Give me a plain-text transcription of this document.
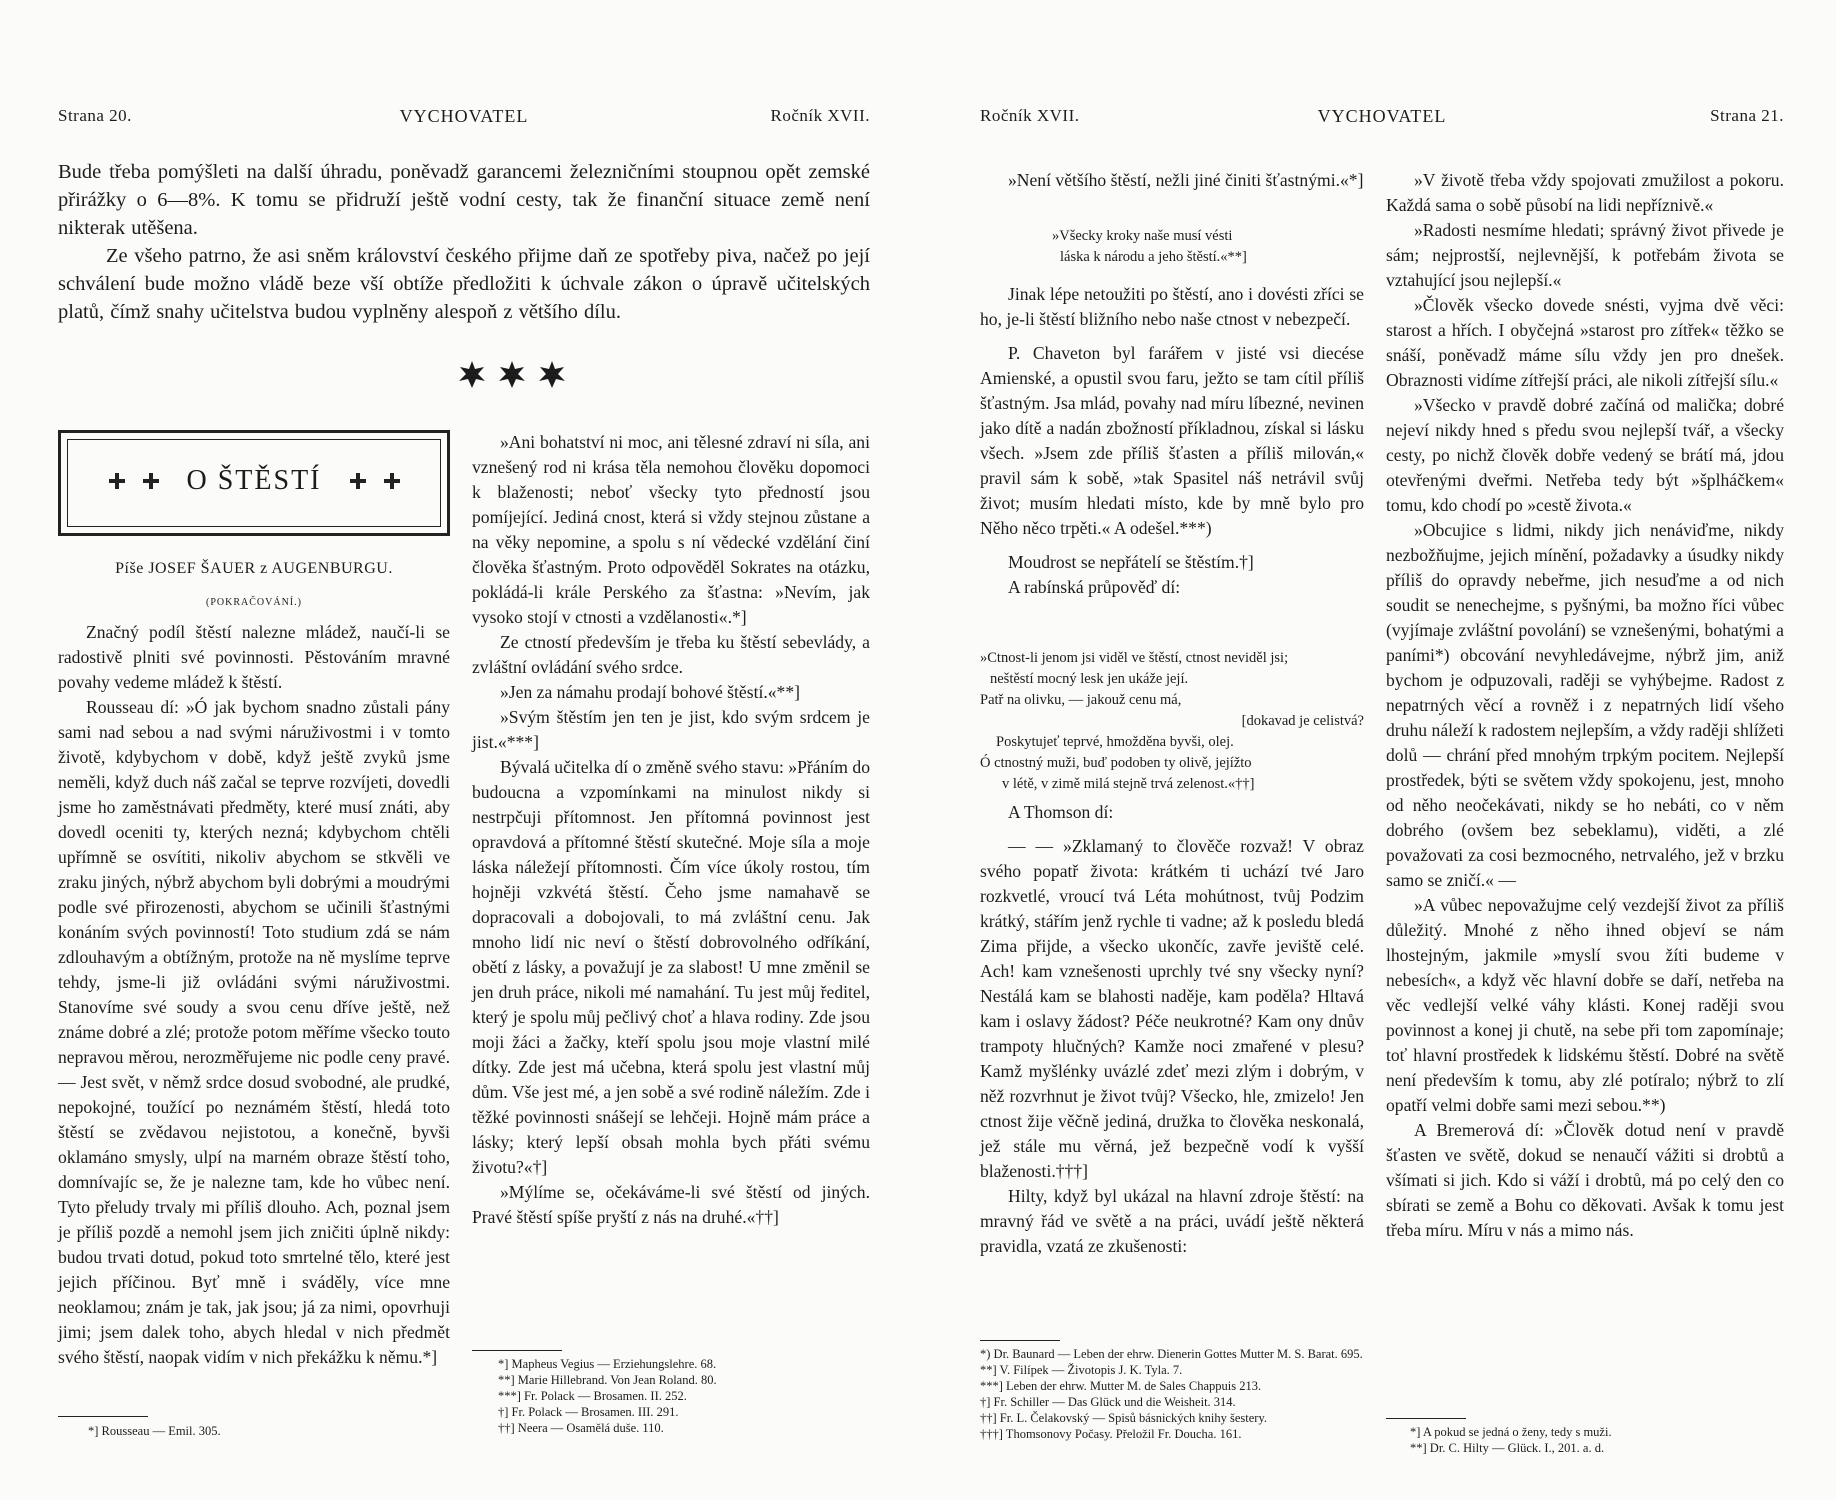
Strana 20.	VYCHOVATEL	Ročník XVII.

Bude třeba pomýšleti na další úhradu, poněvadž garancemi železničními stoupnou opět zemské přirážky o 6—8%. K tomu se přidruží ještě vodní cesty, tak že finanční situace země není nikterak utěšena.

Ze všeho patrno, že asi sněm království českého přijme daň ze spotřeby piva, načež po její schválení bude možno vládě beze vší obtíže předložiti k úchvale zákon o úpravě učitelských platů, čímž snahy učitelstva budou vyplněny alespoň z většího dílu.

O ŠTĚSTÍ
Píše JOSEF ŠAUER z AUGENBURGU.
(POKRAČOVÁNÍ.)

Značný podíl štěstí nalezne mládež, naučí-li se radostivě plniti své povinnosti. Pěstováním mravné povahy vedeme mládež k štěstí.

Rousseau dí: »Ó jak bychom snadno zůstali pány sami nad sebou a nad svými náruživostmi i v tomto životě, kdybychom v době, když ještě zvyků jsme neměli, když duch náš začal se teprve rozvíjeti, dovedli jsme ho zaměstnávati předměty, které musí znáti, aby dovedl oceniti ty, kterých nezná; kdybychom chtěli upřímně se osvítiti, nikoliv abychom se stkvěli ve zraku jiných, nýbrž abychom byli dobrými a moudrými podle své přirozenosti, abychom se učinili šťastnými konáním svých povinností! Toto studium zdá se nám zdlouhavým a obtížným, protože na ně myslíme teprve tehdy, jsme-li již ovládáni svými náruživostmi. Stanovíme své soudy a svou cenu dříve ještě, než známe dobré a zlé; protože potom měříme všecko touto nepravou měrou, nerozměřujeme nic podle ceny pravé. — Jest svět, v němž srdce dosud svobodné, ale prudké, nepokojné, toužící po neznámém štěstí, hledá toto štěstí se zvědavou nejistotou, a konečně, byvši oklamáno smysly, ulpí na marném obraze štěstí toho, domnívajíc se, že je nalezne tam, kde ho vůbec není. Tyto přeludy trvaly mi příliš dlouho. Ach, poznal jsem je příliš pozdě a nemohl jsem jich zničiti úplně nikdy: budou trvati dotud, pokud toto smrtelné tělo, které jest jejich příčinou. Byť mně i sváděly, více mne neoklamou; znám je tak, jak jsou; já za nimi, opovrhuji jimi; jsem dalek toho, abych hledal v nich předmět svého štěstí, naopak vidím v nich překážku k němu.*]

*] Rousseau — Emil. 305.

»Ani bohatství ni moc, ani tělesné zdraví ni síla, ani vznešený rod ni krása těla nemohou člověku dopomoci k blaženosti; neboť všecky tyto předností jsou pomíjející. Jediná cnost, která si vždy stejnou zůstane a na věky nepomine, a spolu s ní vědecké vzdělání činí člověka šťastným. Proto odpověděl Sokrates na otázku, pokládá-li krále Perského za šťastna: »Nevím, jak vysoko stojí v ctnosti a vzdělanosti«.*]

Ze ctností především je třeba ku štěstí sebevlády, a zvláštní ovládání svého srdce.

»Jen za námahu prodají bohové štěstí.«**]

»Svým štěstím jen ten je jist, kdo svým srdcem je jist.«***]

Bývalá učitelka dí o změně svého stavu: »Přáním do budoucna a vzpomínkami na minulost nikdy si nestrpčuji přítomnost. Jen přítomná povinnost jest opravdová a přítomné štěstí skutečné. Moje síla a moje láska náležejí přítomnosti. Čím více úkoly rostou, tím hojněji vzkvétá štěstí. Čeho jsme namahavě se dopracovali a dobojovali, to má zvláštní cenu. Jak mnoho lidí nic neví o štěstí dobrovolného odříkání, obětí z lásky, a považují je za slabost! U mne změnil se jen druh práce, nikoli mé namahání. Tu jest můj ředitel, který je spolu můj pečlivý choť a hlava rodiny. Zde jsou moji žáci a žačky, kteří spolu jsou moje vlastní milé dítky. Zde jest má učebna, která spolu jest vlastní můj dům. Vše jest mé, a jen sobě a své rodině náležím. Zde i těžké povinnosti snášejí se lehčeji. Hojně mám práce a lásky; který lepší obsah mohla bych přáti svému životu?«†]

»Mýlíme se, očekáváme-li své štěstí od jiných. Pravé štěstí spíše pryští z nás na druhé.«††]

*] Mapheus Vegius — Erziehungslehre. 68.

**] Marie Hillebrand. Von Jean Roland. 80.

***] Fr. Polack — Brosamen. II. 252.

†] Fr. Polack — Brosamen. III. 291.

††] Neera — Osamělá duše. 110.

Ročník XVII.	VYCHOVATEL	Strana 21.

»Není většího štěstí, nežli jiné činiti šťastnými.«*]

»Všecky kroky naše musí vésti

láska k národu a jeho štěstí.«**]

Jinak lépe netoužiti po štěstí, ano i dovésti zříci se ho, je-li štěstí bližního nebo naše ctnost v nebezpečí.

P. Chaveton byl farářem v jisté vsi diecése Amienské, a opustil svou faru, ježto se tam cítil příliš šťastným. Jsa mlád, povahy nad míru líbezné, nevinen jako dítě a nadán zbožností příkladnou, získal si lásku všech. »Jsem zde příliš šťasten a příliš milován,« pravil sám k sobě, »tak Spasitel náš netrávil svůj život; musím hledati místo, kde by mně bylo pro Něho něco trpěti.« A odešel.***)

Moudrost se nepřátelí se štěstím.†]

A rabínská průpověď dí:

»Ctnost-li jenom jsi viděl ve štěstí, ctnost neviděl jsi;

neštěstí mocný lesk jen ukáže její.

Patř na olivku, — jakouž cenu má,

[dokavad je celistvá?

Poskytujeť teprvé, hmožděna byvši, olej.

Ó ctnostný muži, buď podoben ty olivě, jejížto

v létě, v zimě milá stejně trvá zelenost.«††]

A Thomson dí:

— — »Zklamaný to člověče rozvaž! V obraz svého popatř života: krátkém ti uchází tvé Jaro rozkvetlé, vroucí tvá Léta mohútnost, tvůj Podzim krátký, stářím jenž rychle ti vadne; až k posledu bledá Zima přijde, a všecko ukončíc, zavře jeviště celé. Ach! kam vznešenosti uprchly tvé sny všecky nyní? Nestálá kam se blahosti naděje, kam poděla? Hltavá kam i oslavy žádost? Péče neukrotné? Kam ony dnův trampoty hlučných? Kamže noci zmařené v plesu? Kamž myšlénky uvázlé zdeť mezi zlým i dobrým, v něž rozvrhnut je život tvůj? Všecko, hle, zmizelo! Jen ctnost žije věčně jediná, družka to člověka neskonalá, jež stále mu věrná, jež bezpečně vodí k vyšší blaženosti.†††]

Hilty, když byl ukázal na hlavní zdroje štěstí: na mravný řád ve světě a na práci, uvádí ještě některá pravidla, vzatá ze zkušenosti:

*) Dr. Baunard — Leben der ehrw. Dienerin Gottes Mutter M. S. Barat. 695.

**] V. Filípek — Životopis J. K. Tyla. 7.

***] Leben der ehrw. Mutter M. de Sales Chappuis 213.

†] Fr. Schiller — Das Glück und die Weisheit. 314.

††] Fr. L. Čelakovský — Spisů básnických knihy šestery.

†††] Thomsonovy Počasy. Přeložil Fr. Doucha. 161.

»V životě třeba vždy spojovati zmužilost a pokoru. Každá sama o sobě působí na lidi nepříznivě.«

»Radosti nesmíme hledati; správný život přivede je sám; nejprostší, nejlevnější, k potřebám života se vztahující jsou nejlepší.«

»Člověk všecko dovede snésti, vyjma dvě věci: starost a hřích. I obyčejná »starost pro zítřek« těžko se snáší, poněvadž máme sílu vždy jen pro dnešek. Obraznosti vidíme zítřejší práci, ale nikoli zítřejší sílu.«

»Všecko v pravdě dobré začíná od malička; dobré nejeví nikdy hned s předu svou nejlepší tvář, a všecky cesty, po nichž člověk dobře vedený se brátí má, jdou otevřenými dveřmi. Netřeba tedy být »šplháčkem« tomu, kdo chodí po »cestě života.«

»Obcujice s lidmi, nikdy jich nenáviďme, nikdy nezbožňujme, jejich mínění, požadavky a úsudky nikdy příliš do opravdy nebeřme, jich nesuďme a od nich soudit se nenechejme, s pyšnými, ba možno říci vůbec (vyjímaje zvláštní povolání) se vznešenými, bohatými a paními*) obcování nevyhledávejme, nýbrž jim, aniž bychom je odpuzovali, raději se vyhýbejme. Radost z nepatrných věcí a rovněž i z nepatrných lidí všeho druhu náleží k radostem nejlepším, a vždy raději shlížeti dolů — chrání před mnohým trpkým pocitem. Nejlepší prostředek, býti se světem vždy spokojenu, jest, mnoho od něho neočekávati, nikdy se ho nebáti, co v něm dobrého (ovšem bez sebeklamu), viděti, a zlé považovati za cosi bezmocného, netrvalého, jež v brzku samo se zničí.« —

»A vůbec nepovažujme celý vezdejší život za příliš důležitý. Mnohé z něho ihned objeví se nám lhostejným, jakmile »myslí svou žíti budeme v nebesích«, a když věc hlavní dobře se daří, netřeba na věc vedlejší velké váhy klásti. Konej raději svou povinnost a konej ji chutě, na sebe při tom zapomínaje; toť hlavní prostředek k lidskému štěstí. Dobré na světě není především k tomu, aby zlé potíralo; nýbrž to zlí opatří velmi dobře sami mezi sebou.**)

A Bremerová dí: »Člověk dotud není v pravdě šťasten ve světě, dokud se nenaučí vážiti si drobtů a všímati si jich. Kdo si váží i drobtů, má po celý den co sbírati se země a Bohu co děkovati. Avšak k tomu jest třeba míru. Míru v nás a mimo nás.

*] A pokud se jedná o ženy, tedy s muži.

**] Dr. C. Hilty — Glück. I., 201. a. d.
